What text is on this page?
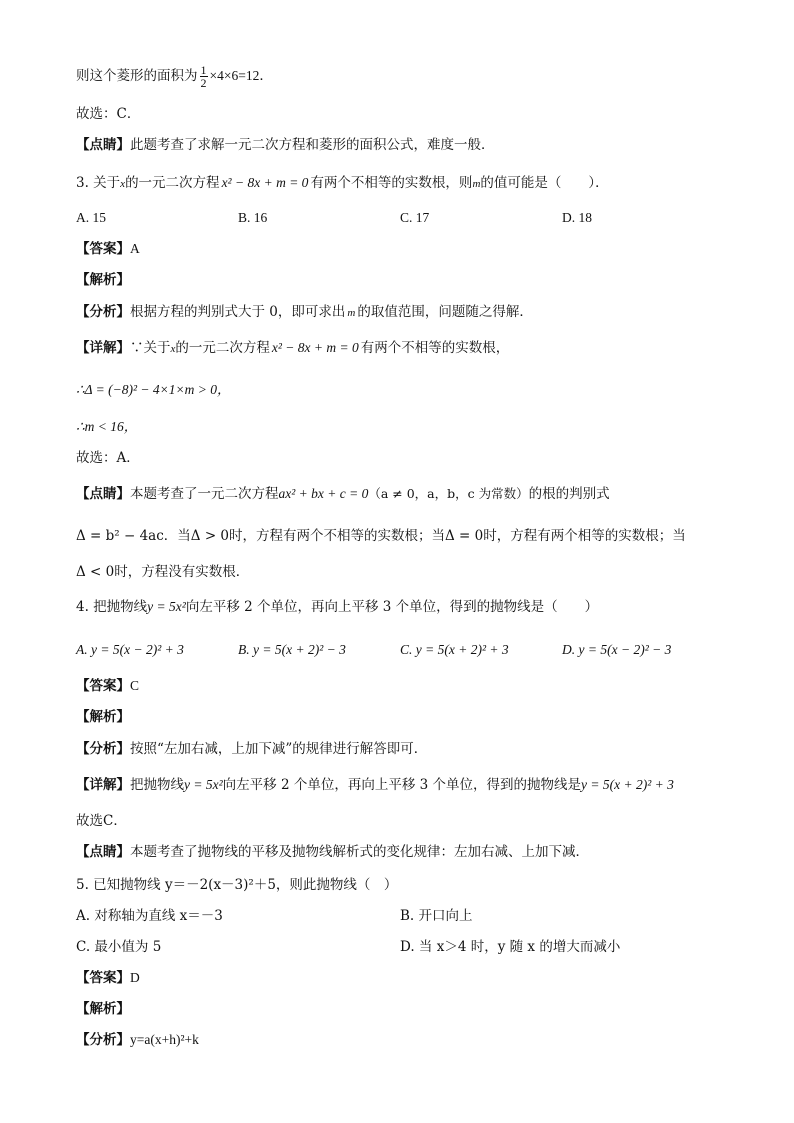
则这个菱形的面积为 $\frac{1}{2} \times 4\times 6=12$．
故选：C．
【点睛】此题考查了求解一元二次方程和菱形的面积公式，难度一般．
3. 关于x的一元二次方程 x² − 8x + m = 0 有两个不相等的实数根，则m的值可能是（　　）．
A. 15	B. 16	C. 17	D. 18
【答案】A
【解析】
【分析】根据方程的判别式大于 0，即可求出 m 的取值范围，问题随之得解．
【详解】∵关于x的一元二次方程 x² − 8x + m = 0 有两个不相等的实数根，
∴Δ = (−8)² − 4×1×m > 0，
∴m < 16，
故选：A．
【点睛】本题考查了一元二次方程ax² + bx + c = 0（a ≠ 0，a，b，c 为常数）的根的判别式
Δ = b² − 4ac．当Δ > 0时，方程有两个不相等的实数根；当Δ = 0时，方程有两个相等的实数根；当
Δ < 0时，方程没有实数根．
4. 把抛物线y = 5x²向左平移 2 个单位，再向上平移 3 个单位，得到的抛物线是（　　）
A. y = 5(x − 2)² + 3	B. y = 5(x + 2)² − 3	C. y = 5(x + 2)² + 3	D. y = 5(x − 2)² − 3
【答案】C
【解析】
【分析】按照“左加右减，上加下减”的规律进行解答即可．
【详解】把抛物线y = 5x²向左平移 2 个单位，再向上平移 3 个单位，得到的抛物线是y = 5(x + 2)² + 3
故选C．
【点睛】本题考查了抛物线的平移及抛物线解析式的变化规律：左加右减、上加下减．
5. 已知抛物线 y＝－2(x－3)²＋5，则此抛物线（　）
A. 对称轴为直线 x＝－3	B. 开口向上
C. 最小值为 5	D. 当 x＞4 时，y 随 x 的增大而减小
【答案】D
【解析】
【分析】y=a(x+h)²+k
